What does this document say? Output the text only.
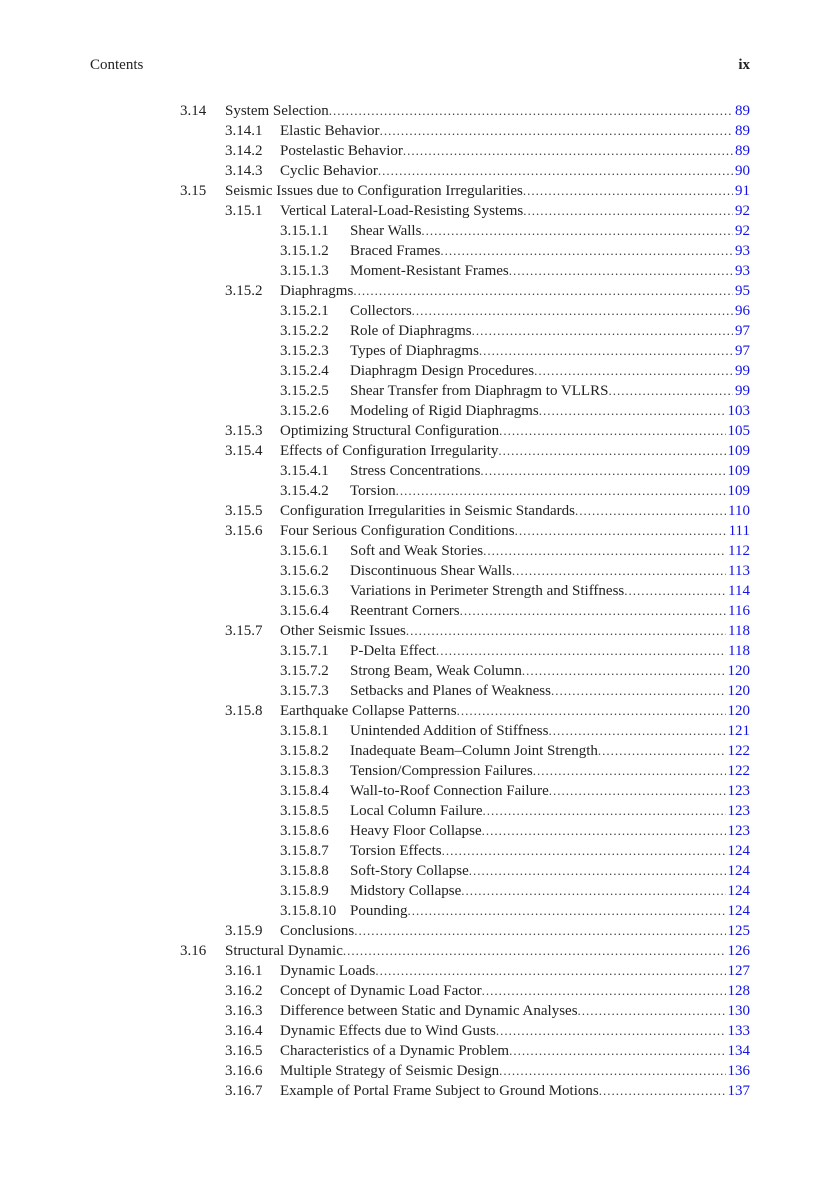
Contents	ix
3.14 System Selection .....	89
3.14.1 Elastic Behavior .....	89
3.14.2 Postelastic Behavior .....	89
3.14.3 Cyclic Behavior .....	90
3.15 Seismic Issues due to Configuration Irregularities .....	91
3.15.1 Vertical Lateral-Load-Resisting Systems .....	92
3.15.1.1 Shear Walls .....	92
3.15.1.2 Braced Frames .....	93
3.15.1.3 Moment-Resistant Frames .....	93
3.15.2 Diaphragms .....	95
3.15.2.1 Collectors .....	96
3.15.2.2 Role of Diaphragms .....	97
3.15.2.3 Types of Diaphragms .....	97
3.15.2.4 Diaphragm Design Procedures .....	99
3.15.2.5 Shear Transfer from Diaphragm to VLLRS .....	99
3.15.2.6 Modeling of Rigid Diaphragms .....	103
3.15.3 Optimizing Structural Configuration .....	105
3.15.4 Effects of Configuration Irregularity .....	109
3.15.4.1 Stress Concentrations .....	109
3.15.4.2 Torsion .....	109
3.15.5 Configuration Irregularities in Seismic Standards .....	110
3.15.6 Four Serious Configuration Conditions .....	111
3.15.6.1 Soft and Weak Stories .....	112
3.15.6.2 Discontinuous Shear Walls .....	113
3.15.6.3 Variations in Perimeter Strength and Stiffness .....	114
3.15.6.4 Reentrant Corners .....	116
3.15.7 Other Seismic Issues .....	118
3.15.7.1 P-Delta Effect .....	118
3.15.7.2 Strong Beam, Weak Column .....	120
3.15.7.3 Setbacks and Planes of Weakness .....	120
3.15.8 Earthquake Collapse Patterns .....	120
3.15.8.1 Unintended Addition of Stiffness .....	121
3.15.8.2 Inadequate Beam–Column Joint Strength .....	122
3.15.8.3 Tension/Compression Failures .....	122
3.15.8.4 Wall-to-Roof Connection Failure .....	123
3.15.8.5 Local Column Failure .....	123
3.15.8.6 Heavy Floor Collapse .....	123
3.15.8.7 Torsion Effects .....	124
3.15.8.8 Soft-Story Collapse .....	124
3.15.8.9 Midstory Collapse .....	124
3.15.8.10 Pounding .....	124
3.15.9 Conclusions .....	125
3.16 Structural Dynamic .....	126
3.16.1 Dynamic Loads .....	127
3.16.2 Concept of Dynamic Load Factor .....	128
3.16.3 Difference between Static and Dynamic Analyses .....	130
3.16.4 Dynamic Effects due to Wind Gusts .....	133
3.16.5 Characteristics of a Dynamic Problem .....	134
3.16.6 Multiple Strategy of Seismic Design .....	136
3.16.7 Example of Portal Frame Subject to Ground Motions .....	137
